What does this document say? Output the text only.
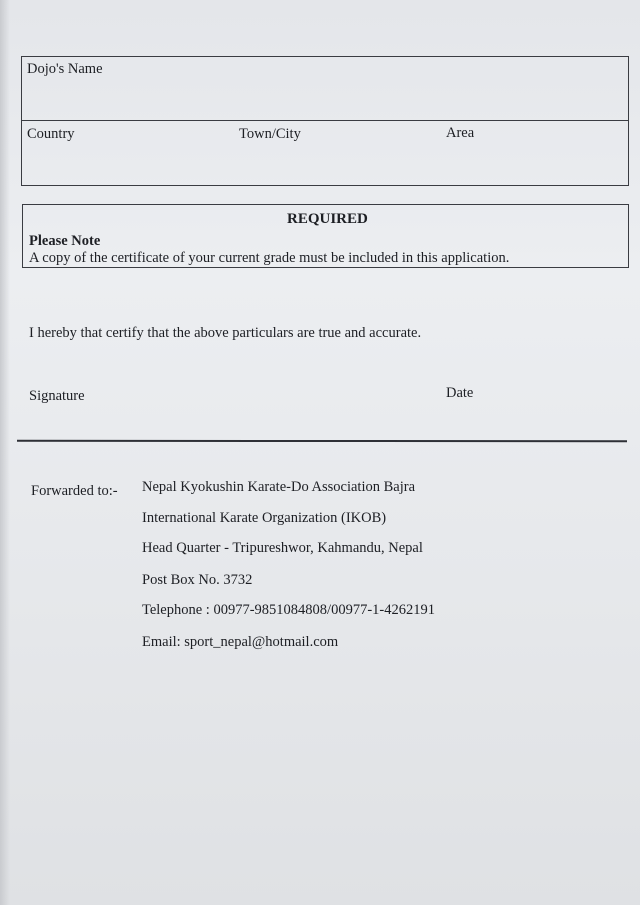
Dojo's Name
Country	Town/City	Area
REQUIRED
Please Note
A copy of the certificate of your current grade must be included in this application.
I hereby that certify that the above particulars are true and accurate.
Signature	Date
Forwarded to:- Nepal Kyokushin Karate-Do Association Bajra
International Karate Organization (IKOB)
Head Quarter - Tripureshwor, Kahmandu, Nepal
Post Box No. 3732
Telephone : 00977-9851084808/00977-1-4262191
Email: sport_nepal@hotmail.com
